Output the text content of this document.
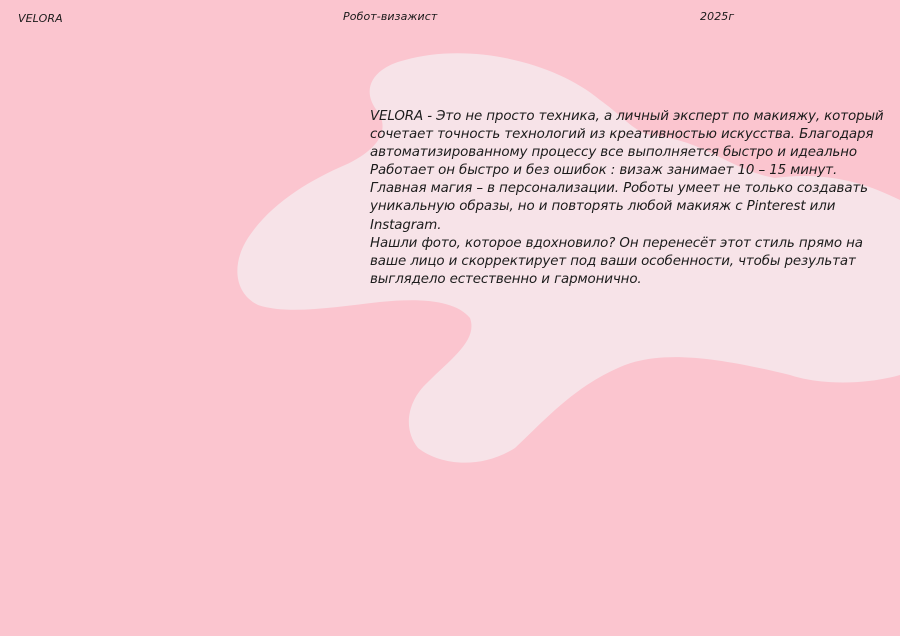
VELORA	Робот-визажист	2025г

VELORA - Это не просто техника, а личный эксперт по макияжу, который сочетает точность технологий из креативностью искусства. Благодаря автоматизированному процессу все выполняется быстро и идеально

Работает он быстро и без ошибок : визаж занимает 10 – 15 минут.

Главная магия – в персонализации. Роботы умеет не только создавать уникальную образы, но и повторять любой макияж с Pinterest или Instagram.

Нашли фото, которое вдохновило? Он перенесёт этот стиль прямо на ваше лицо и скорректирует под ваши особенности, чтобы результат выглядело естественно и гармонично.
